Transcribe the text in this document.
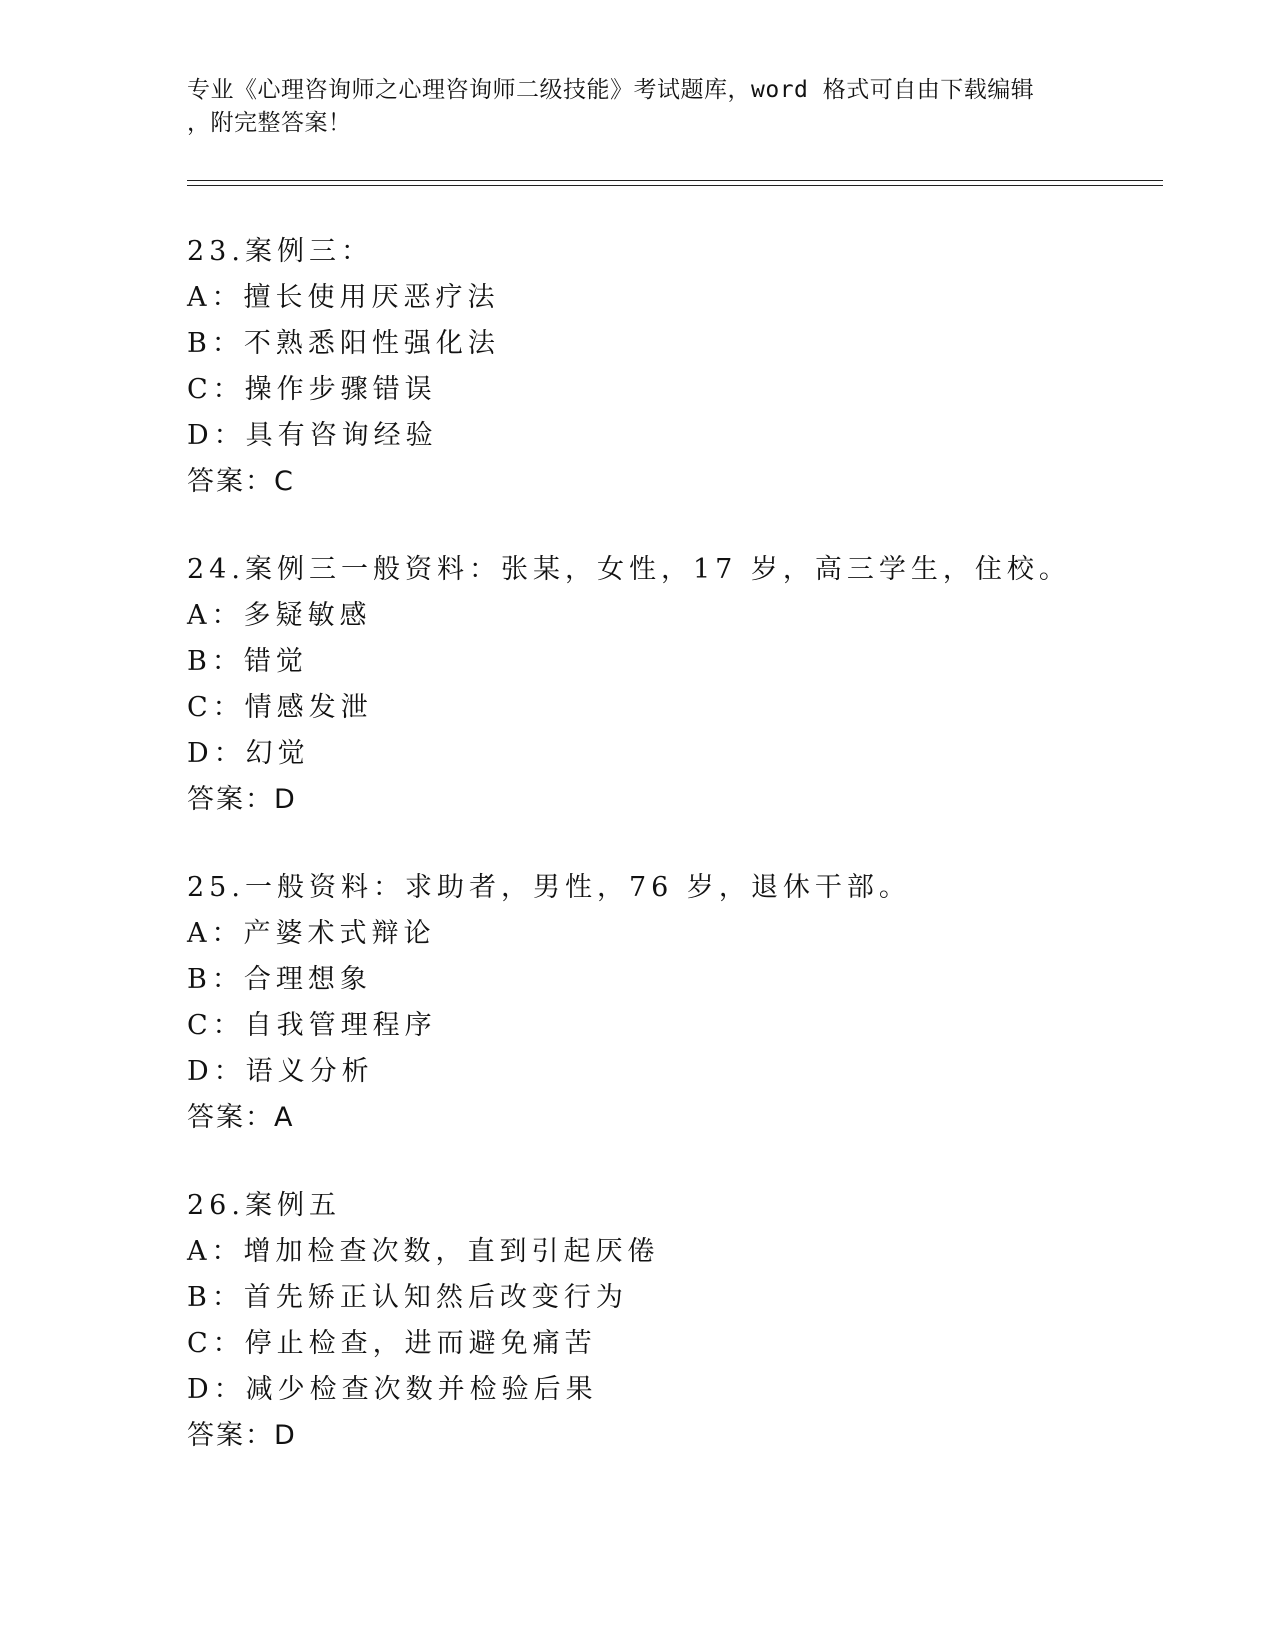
专业《心理咨询师之心理咨询师二级技能》考试题库，word 格式可自由下载编辑
，附完整答案！
23.案例三：
A：擅长使用厌恶疗法
B：不熟悉阳性强化法
C：操作步骤错误
D：具有咨询经验
答案：C
24.案例三一般资料：张某，女性，17 岁，高三学生，住校。
A：多疑敏感
B：错觉
C：情感发泄
D：幻觉
答案：D
25.一般资料：求助者，男性，76 岁，退休干部。
A：产婆术式辩论
B：合理想象
C：自我管理程序
D：语义分析
答案：A
26.案例五
A：增加检查次数，直到引起厌倦
B：首先矫正认知然后改变行为
C：停止检查，进而避免痛苦
D：减少检查次数并检验后果
答案：D
